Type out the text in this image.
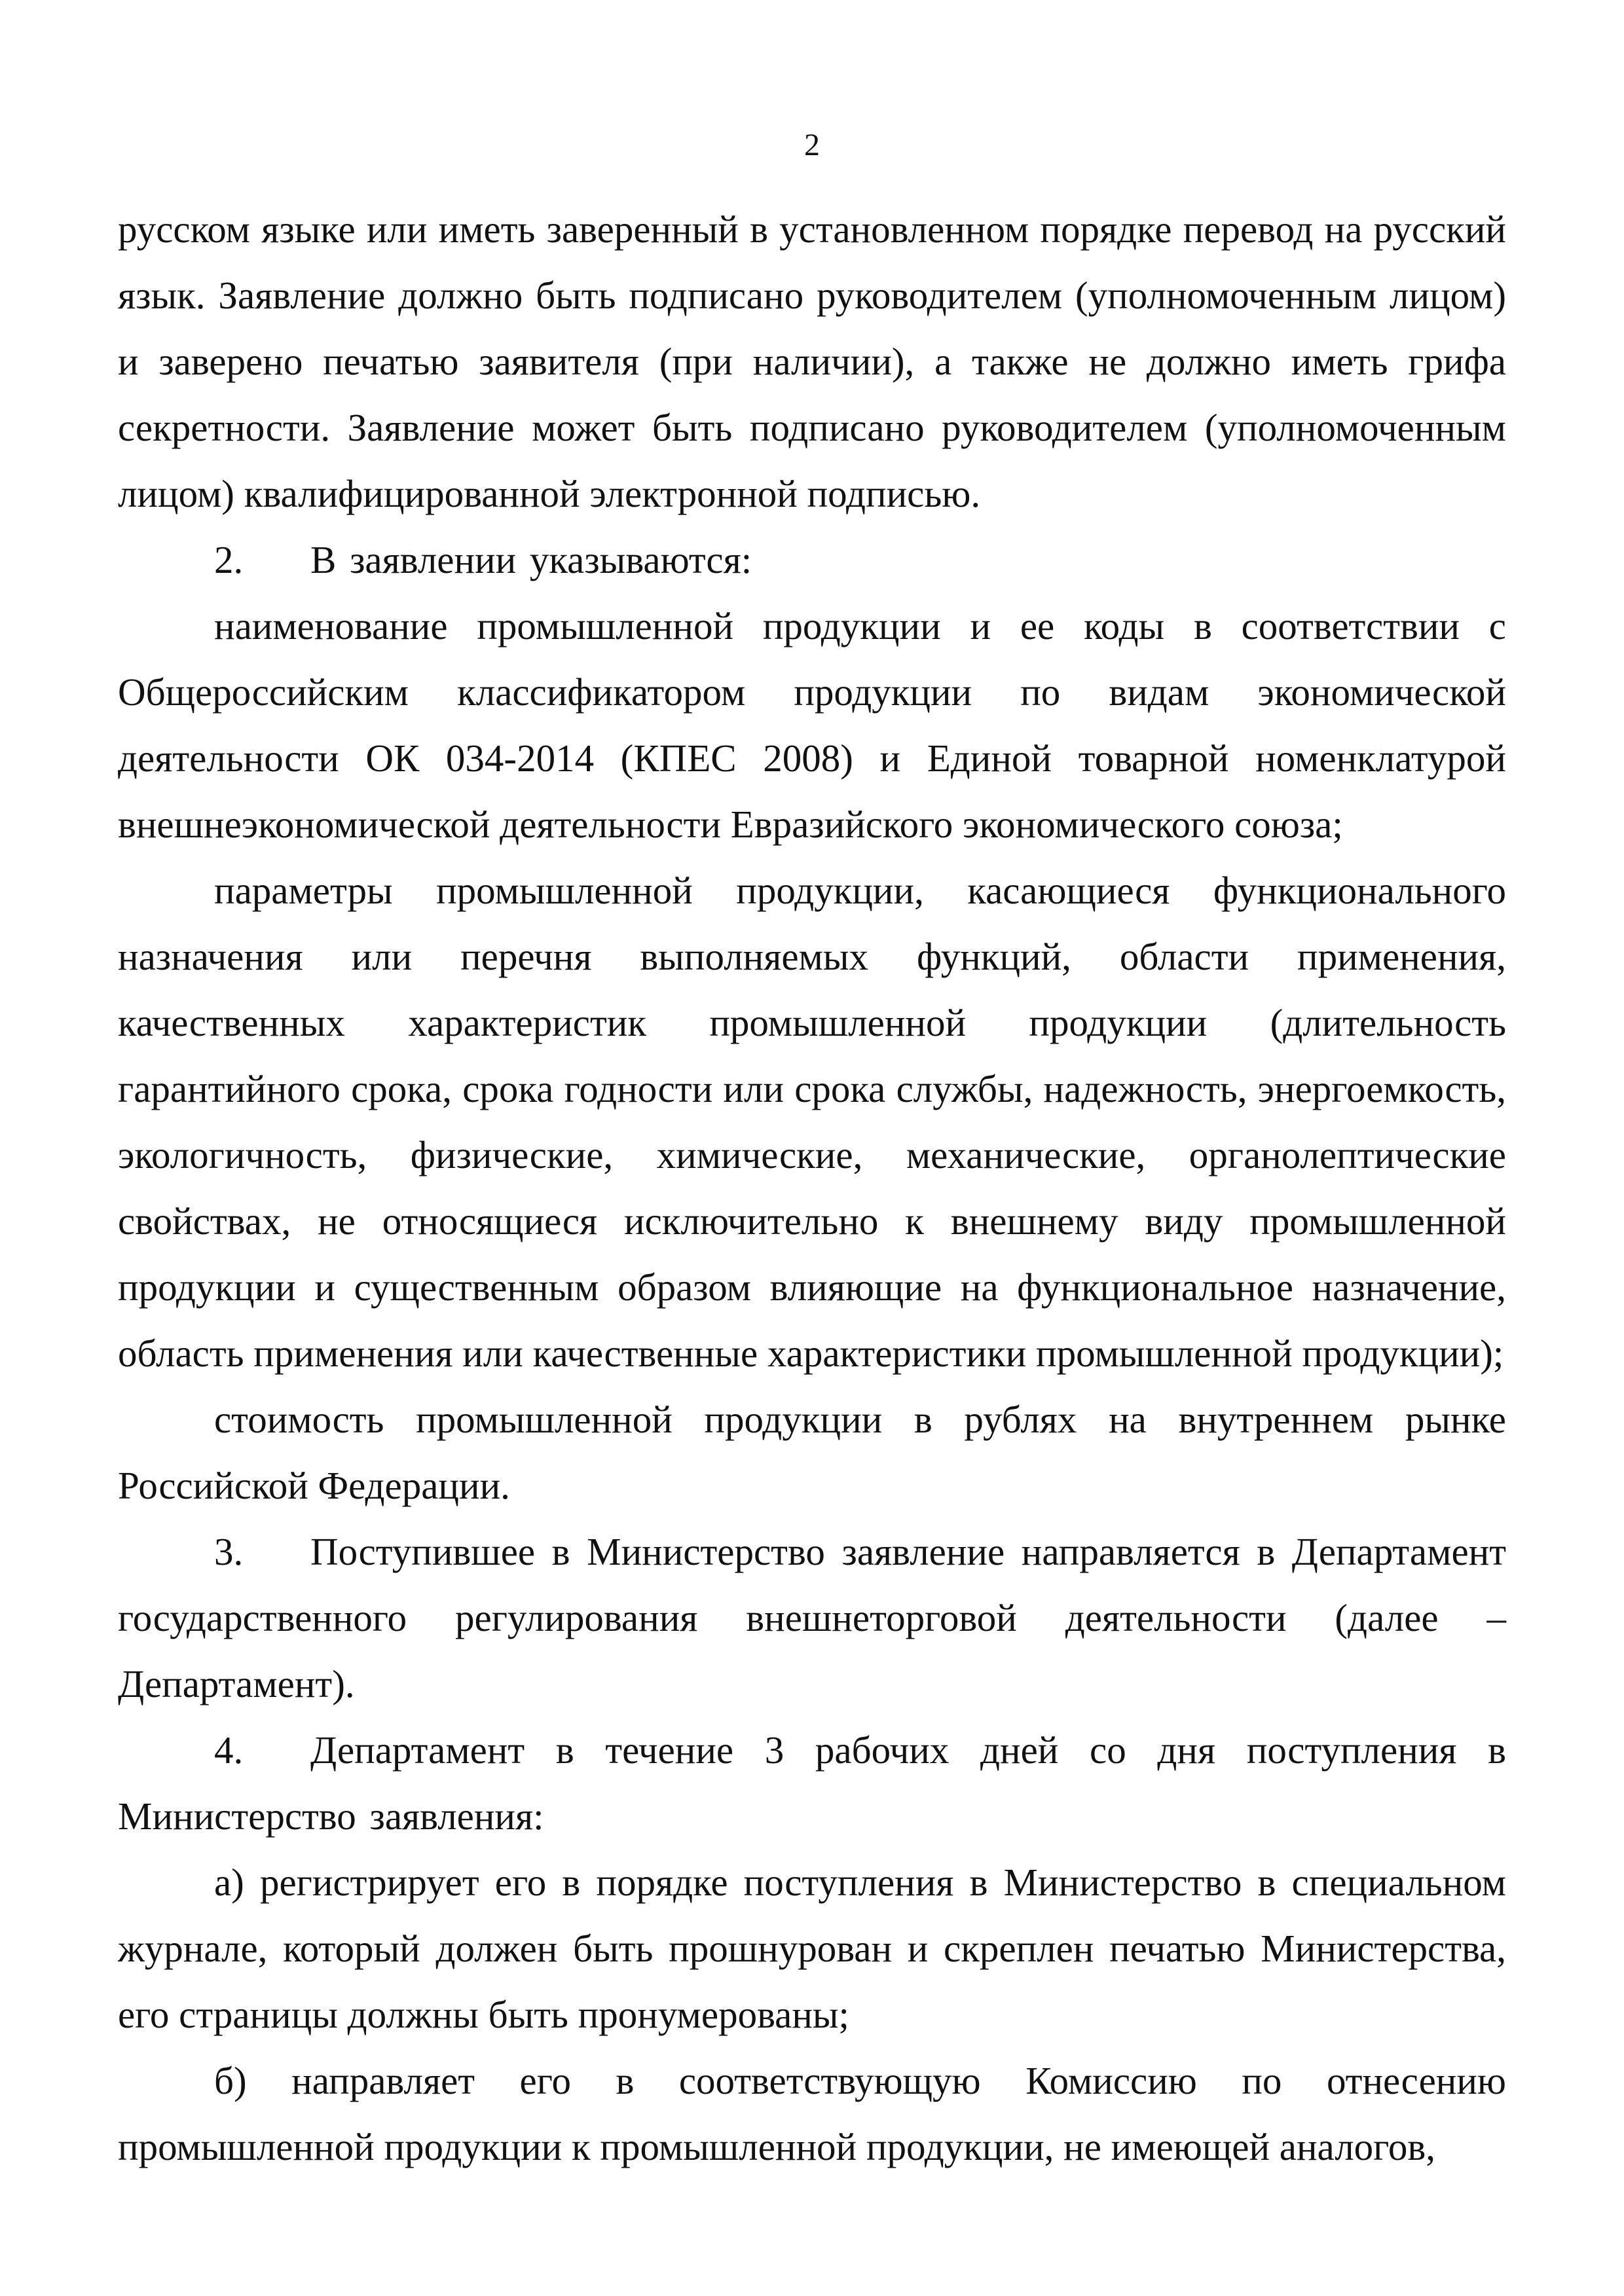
2

русском языке или иметь заверенный в установленном порядке перевод на русский язык. Заявление должно быть подписано руководителем (уполномоченным лицом) и заверено печатью заявителя (при наличии), а также не должно иметь грифа секретности. Заявление может быть подписано руководителем (уполномоченным лицом) квалифицированной электронной подписью.

2. В заявлении указываются:

наименование промышленной продукции и ее коды в соответствии с Общероссийским классификатором продукции по видам экономической деятельности ОК 034-2014 (КПЕС 2008) и Единой товарной номенклатурой внешнеэкономической деятельности Евразийского экономического союза;

параметры промышленной продукции, касающиеся функционального назначения или перечня выполняемых функций, области применения, качественных характеристик промышленной продукции (длительность гарантийного срока, срока годности или срока службы, надежность, энергоемкость, экологичность, физические, химические, механические, органолептические свойствах, не относящиеся исключительно к внешнему виду промышленной продукции и существенным образом влияющие на функциональное назначение, область применения или качественные характеристики промышленной продукции);

стоимость промышленной продукции в рублях на внутреннем рынке Российской Федерации.

3. Поступившее в Министерство заявление направляется в Департамент государственного регулирования внешнеторговой деятельности (далее – Департамент).

4. Департамент в течение 3 рабочих дней со дня поступления в Министерство заявления:

а) регистрирует его в порядке поступления в Министерство в специальном журнале, который должен быть прошнурован и скреплен печатью Министерства, его страницы должны быть пронумерованы;

б) направляет его в соответствующую Комиссию по отнесению промышленной продукции к промышленной продукции, не имеющей аналогов,
